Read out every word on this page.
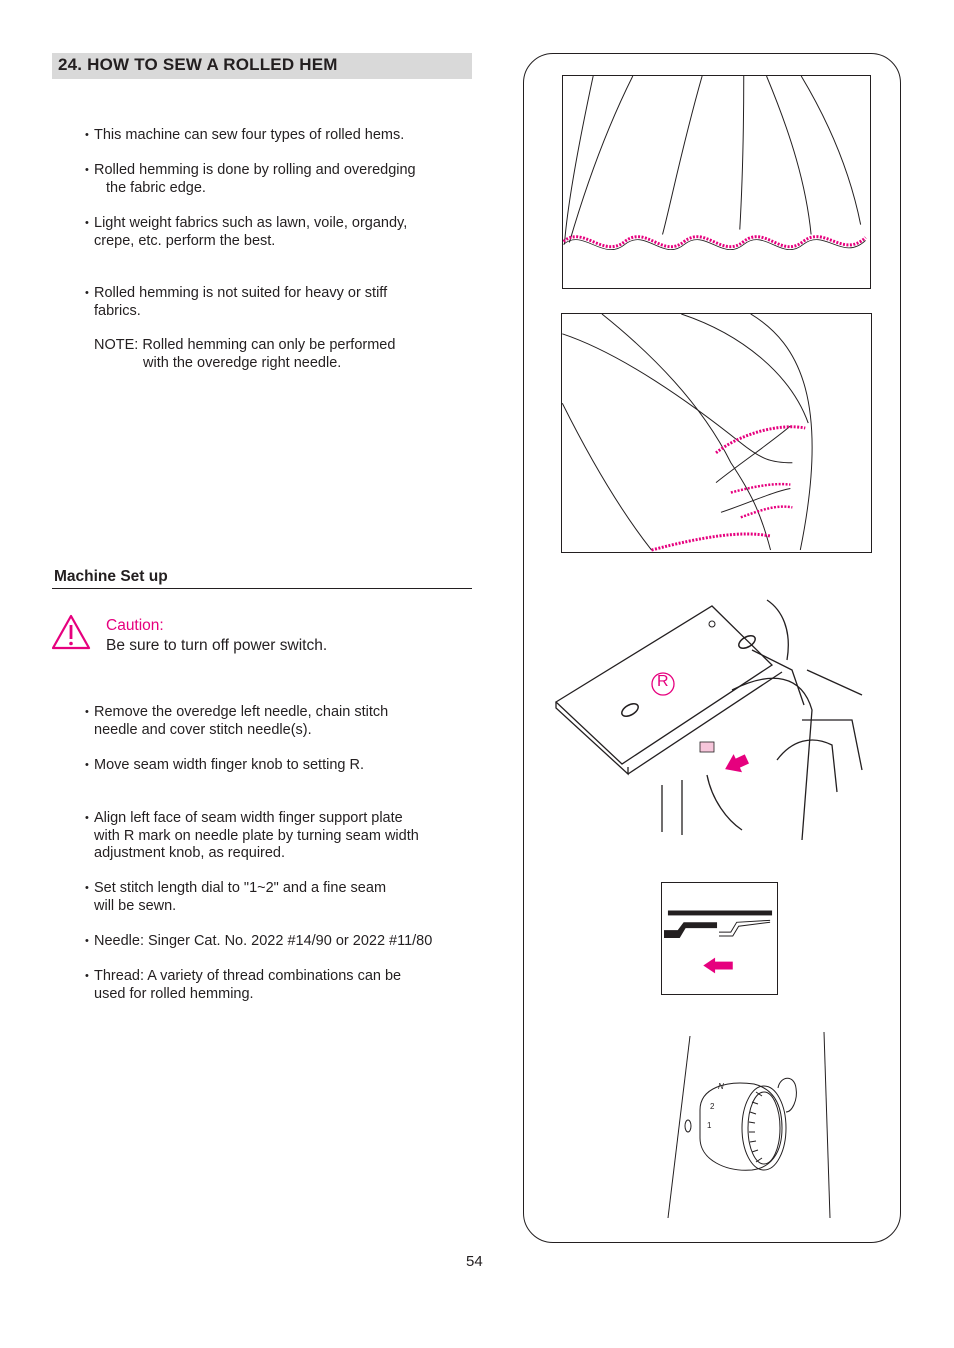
24. HOW TO SEW A ROLLED HEM
• This machine can sew four types of rolled hems.
• Rolled hemming is done by rolling and overedging
the fabric edge.
• Light weight fabrics such as lawn, voile, organdy,
crepe, etc. perform the best.
• Rolled hemming is not suited for heavy or stiff
fabrics.
NOTE: Rolled hemming can only be performed
with the overedge right needle.
Machine Set up
Caution:
Be sure to turn off power switch.
• Remove the overedge left needle, chain stitch
needle and cover stitch needle(s).
• Move seam width finger knob to setting R.
• Align left face of seam width finger support plate
with R mark on needle plate by turning seam width
adjustment knob, as required.
• Set stitch length dial to "1~2" and a fine seam
will be sewn.
• Needle: Singer Cat. No. 2022 #14/90 or 2022 #11/80
• Thread: A variety of thread combinations can be
used for rolled hemming.
R
N
2
1
54
